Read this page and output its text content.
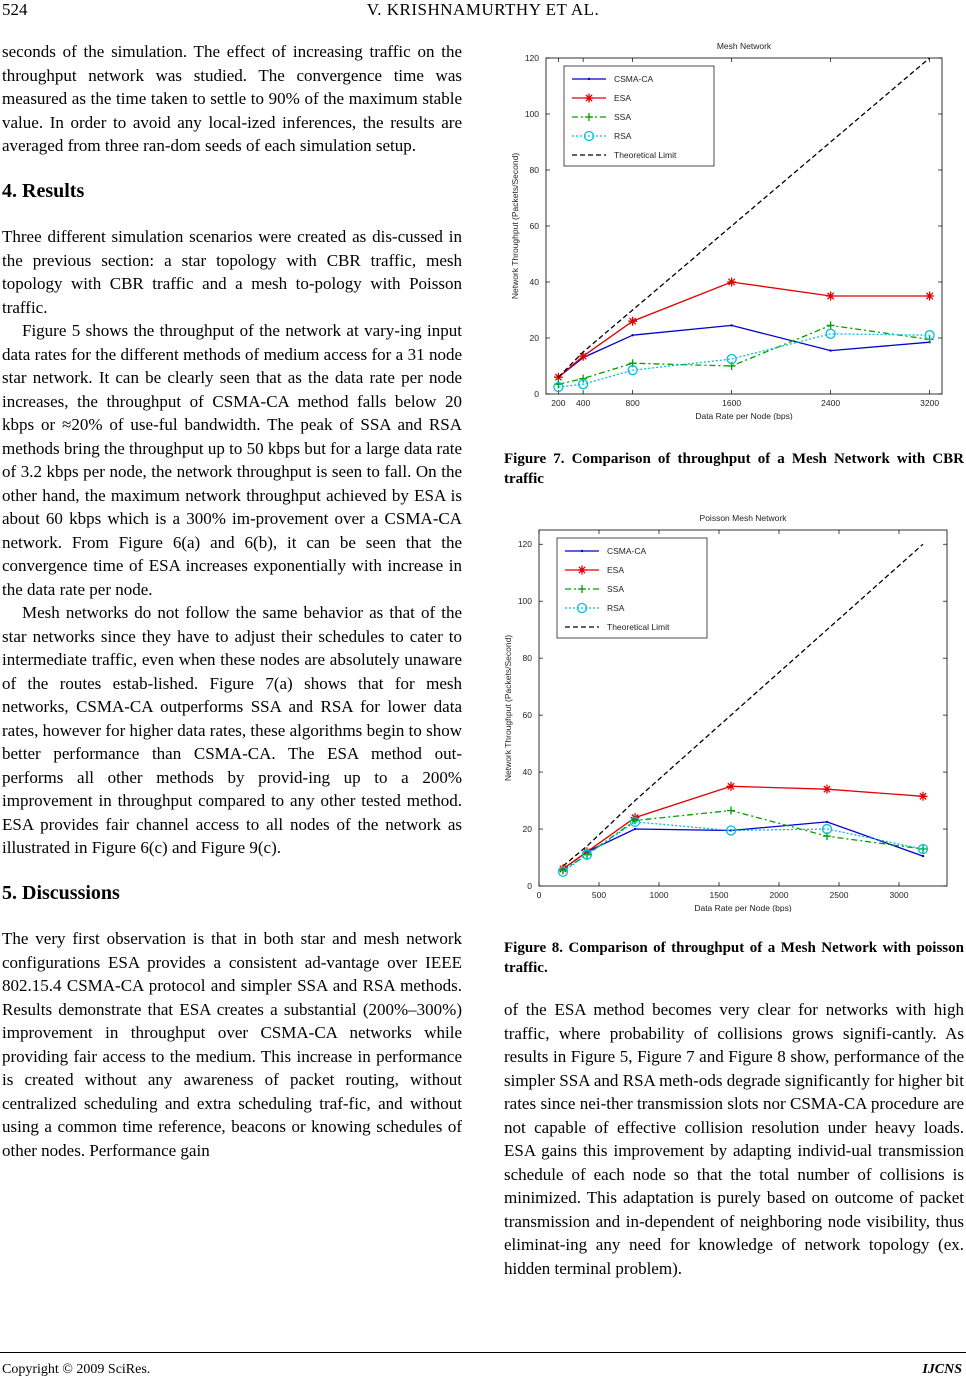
524	V. KRISHNAMURTHY ET AL.

seconds of the simulation. The effect of increasing traffic on the throughput network was studied. The convergence time was measured as the time taken to settle to 90% of the maximum stable value. In order to avoid any local-ized inferences, the results are averaged from three ran-dom seeds of each simulation setup.

4. Results

Three different simulation scenarios were created as dis-cussed in the previous section: a star topology with CBR traffic, mesh topology with CBR traffic and a mesh to-pology with Poisson traffic.

Figure 5 shows the throughput of the network at vary-ing input data rates for the different methods of medium access for a 31 node star network. It can be clearly seen that as the data rate per node increases, the throughput of CSMA-CA method falls below 20 kbps or ≈20% of use-ful bandwidth. The peak of SSA and RSA methods bring the throughput up to 50 kbps but for a large data rate of 3.2 kbps per node, the network throughput is seen to fall. On the other hand, the maximum network throughput achieved by ESA is about 60 kbps which is a 300% im-provement over a CSMA-CA network. From Figure 6(a) and 6(b), it can be seen that the convergence time of ESA increases exponentially with increase in the data rate per node.

Mesh networks do not follow the same behavior as that of the star networks since they have to adjust their schedules to cater to intermediate traffic, even when these nodes are absolutely unaware of the routes estab-lished. Figure 7(a) shows that for mesh networks, CSMA-CA outperforms SSA and RSA for lower data rates, however for higher data rates, these algorithms begin to show better performance than CSMA-CA. The ESA method out-performs all other methods by provid-ing up to a 200% improvement in throughput compared to any other tested method. ESA provides fair channel access to all nodes of the network as illustrated in Figure 6(c) and Figure 9(c).

5. Discussions

The very first observation is that in both star and mesh network configurations ESA provides a consistent ad-vantage over IEEE 802.15.4 CSMA-CA protocol and simpler SSA and RSA methods. Results demonstrate that ESA creates a substantial (200%–300%) improvement in throughput over CSMA-CA networks while providing fair access to the medium. This increase in performance is created without any awareness of packet routing, without centralized scheduling and extra scheduling traf-fic, and without using a common time reference, beacons or knowing schedules of other nodes. Performance gain

Mesh Network
200 400	800	1600	2400	3200
0
20
40
60
80
100
120
Data Rate per Node (bps)
Network Throughput (Packets/Second)
CSMA-CA
ESA
SSA
RSA
Theoretical Limit
Figure 7. Comparison of throughput of a Mesh Network with CBR traffic
Poisson Mesh Network
0	500	1000	1500	2000	2500	3000
0
20
40
60
80
100
120
Data Rate per Node (bps)
Network Throughput (Packets/Second)
CSMA-CA
ESA
SSA
RSA
Theoretical Limit
Figure 8. Comparison of throughput of a Mesh Network with poisson traffic.

of the ESA method becomes very clear for networks with high traffic, where probability of collisions grows signifi-cantly. As results in Figure 5, Figure 7 and Figure 8 show, performance of the simpler SSA and RSA meth-ods degrade significantly for higher bit rates since nei-ther transmission slots nor CSMA-CA procedure are not capable of effective collision resolution under heavy loads. ESA gains this improvement by adapting individ-ual transmission schedule of each node so that the total number of collisions is minimized. This adaptation is purely based on outcome of packet transmission and in-dependent of neighboring node visibility, thus eliminat-ing any need for knowledge of network topology (ex. hidden terminal problem).

Copyright © 2009 SciRes.	IJCNS
